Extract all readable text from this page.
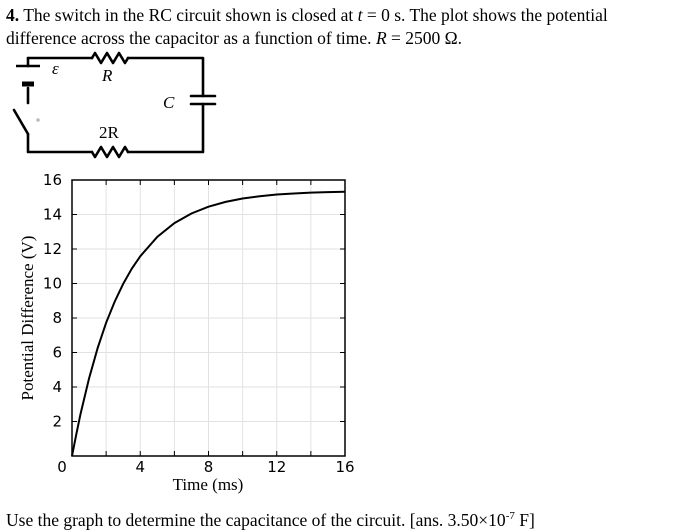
4. The switch in the RC circuit shown is closed at t = 0 s. The plot shows the potential
difference across the capacitor as a function of time. R = 2500 Ω.
ε	R
C
2R
0	4	8	12	16
2
4
6
8
10
12
14
16
Time (ms)
Potential Difference (V)
Use the graph to determine the capacitance of the circuit. [ans. $3.50\times 10^{-7}$ F]
